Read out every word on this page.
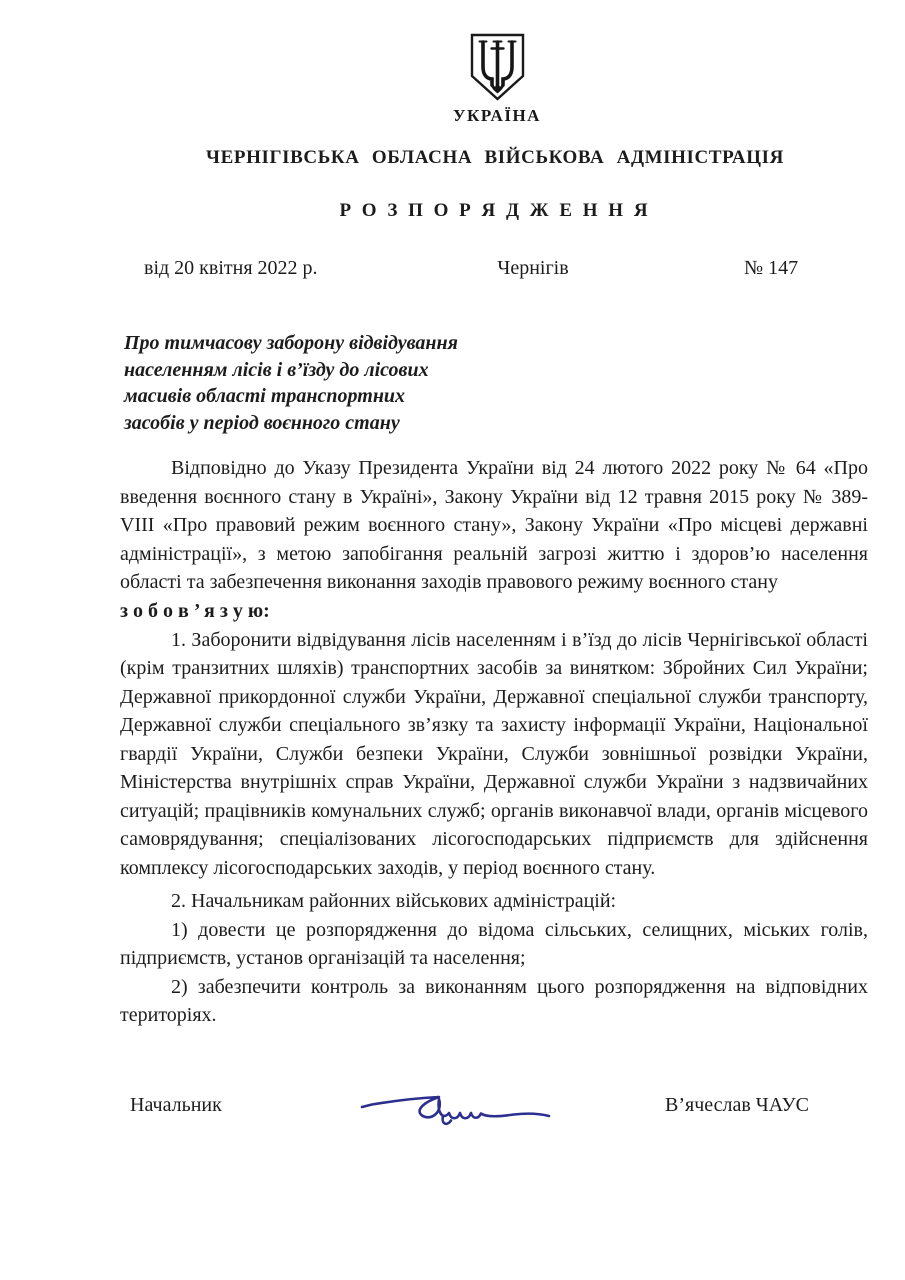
УКРАЇНА
ЧЕРНІГІВСЬКА ОБЛАСНА ВІЙСЬКОВА АДМІНІСТРАЦІЯ
Р О З П О Р Я Д Ж Е Н Н Я
від 20 квітня 2022 р.	Чернігів	№ 147
Про тимчасову заборону відвідування
населенням лісів і в’їзду до лісових
масивів області транспортних
засобів у період воєнного стану

Відповідно до Указу Президента України від 24 лютого 2022 року № 64 «Про введення воєнного стану в Україні», Закону України від 12 травня 2015 року № 389-VIII «Про правовий режим воєнного стану», Закону України «Про місцеві державні адміністрації», з метою запобігання реальній загрозі життю і здоров’ю населення області та забезпечення виконання заходів правового режиму воєнного стану

з о б о в ’ я з у ю:

1. Заборонити відвідування лісів населенням і в’їзд до лісів Чернігівської області (крім транзитних шляхів) транспортних засобів за винятком: Збройних Сил України; Державної прикордонної служби України, Державної спеціальної служби транспорту, Державної служби спеціального зв’язку та захисту інформації України, Національної гвардії України, Служби безпеки України, Служби зовнішньої розвідки України, Міністерства внутрішніх справ України, Державної служби України з надзвичайних ситуацій; працівників комунальних служб; органів виконавчої влади, органів місцевого самоврядування; спеціалізованих лісогосподарських підприємств для здійснення комплексу лісогосподарських заходів, у період воєнного стану.

2. Начальникам районних військових адміністрацій:

1) довести це розпорядження до відома сільських, селищних, міських голів, підприємств, установ організацій та населення;

2) забезпечити контроль за виконанням цього розпорядження на відповідних територіях.

Начальник	В’ячеслав ЧАУС
